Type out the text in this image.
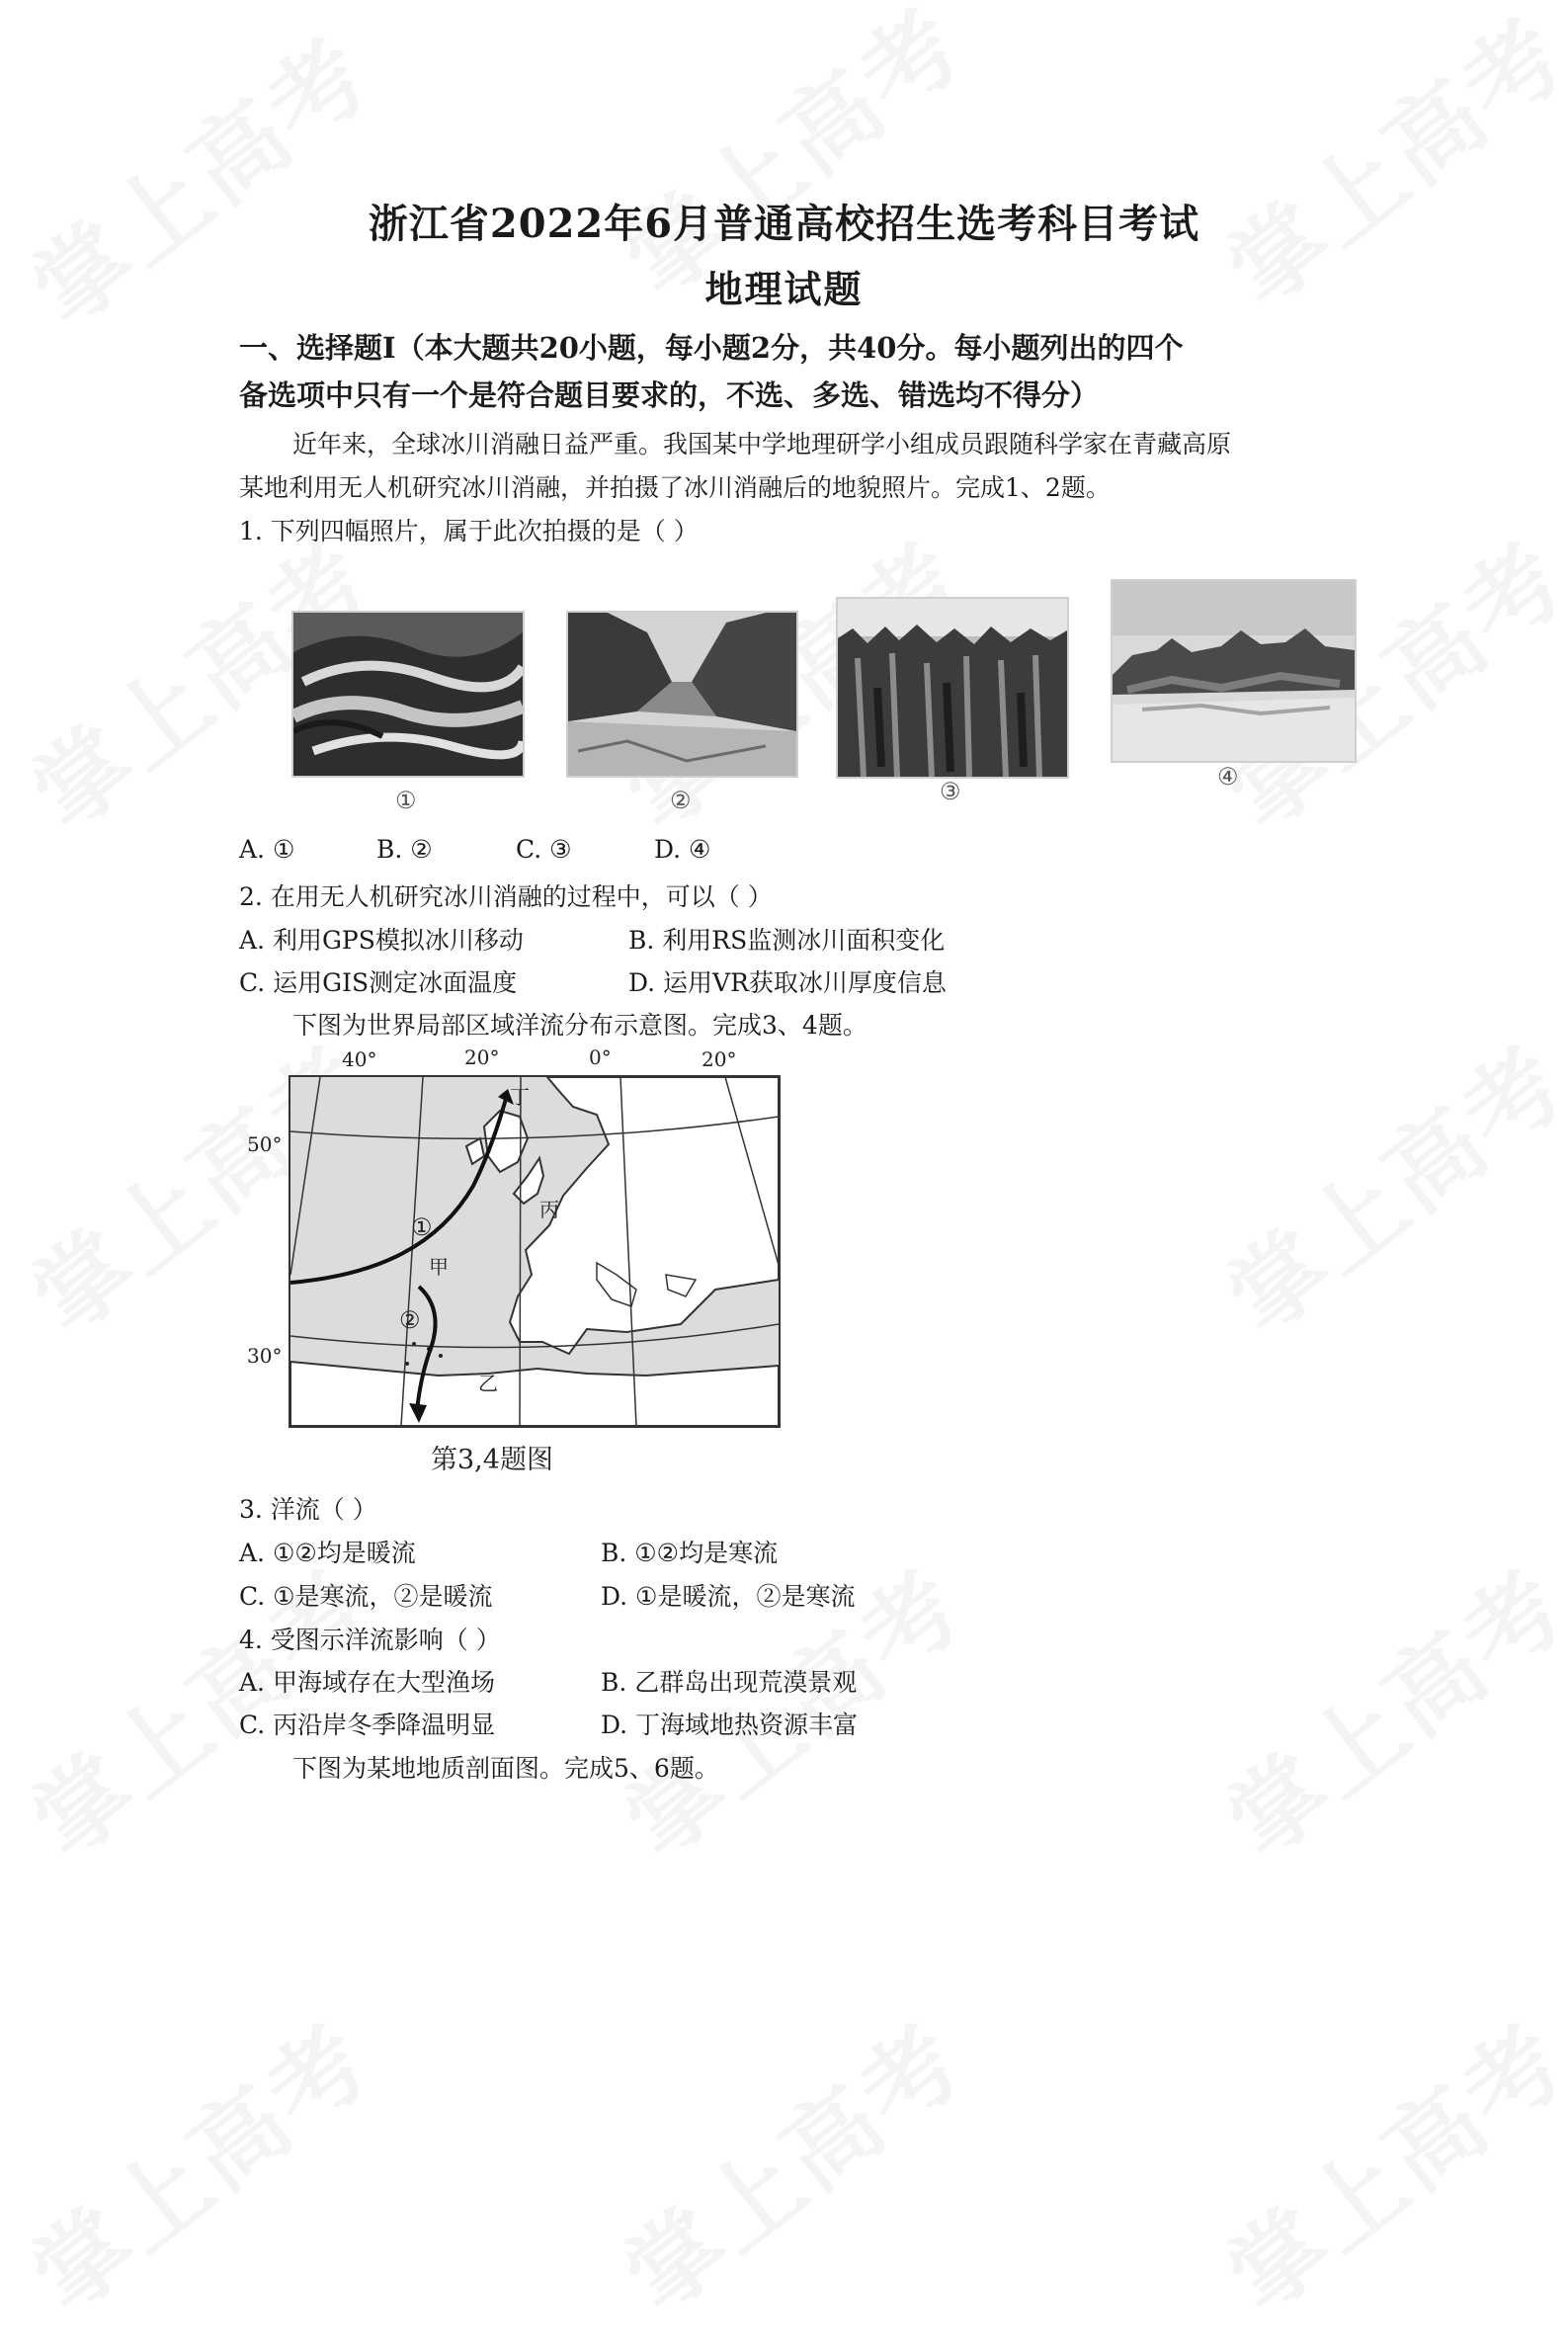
浙江省2022年6月普通高校招生选考科目考试
地理试题
一、选择题Ⅰ（本大题共20小题，每小题2分，共40分。每小题列出的四个
备选项中只有一个是符合题目要求的，不选、多选、错选均不得分）
近年来，全球冰川消融日益严重。我国某中学地理研学小组成员跟随科学家在青藏高原
某地利用无人机研究冰川消融，并拍摄了冰川消融后的地貌照片。完成1、2题。
1. 下列四幅照片，属于此次拍摄的是（ ）
①	②	③
④
A. ①	B. ②	C. ③	D. ④
2. 在用无人机研究冰川消融的过程中，可以（ ）
A. 利用GPS模拟冰川移动	B. 利用RS监测冰川面积变化
C. 运用GIS测定冰面温度	D. 运用VR获取冰川厚度信息
下图为世界局部区域洋流分布示意图。完成3、4题。
40°	20°	0°	20°
50°
30°
①
②
丁
丙
甲
乙
第3,4题图
3. 洋流（ ）
A. ①②均是暖流	B. ①②均是寒流
C. ①是寒流，②是暖流	D. ①是暖流，②是寒流
4. 受图示洋流影响（ ）
A. 甲海域存在大型渔场	B. 乙群岛出现荒漠景观
C. 丙沿岸冬季降温明显	D. 丁海域地热资源丰富
下图为某地地质剖面图。完成5、6题。
